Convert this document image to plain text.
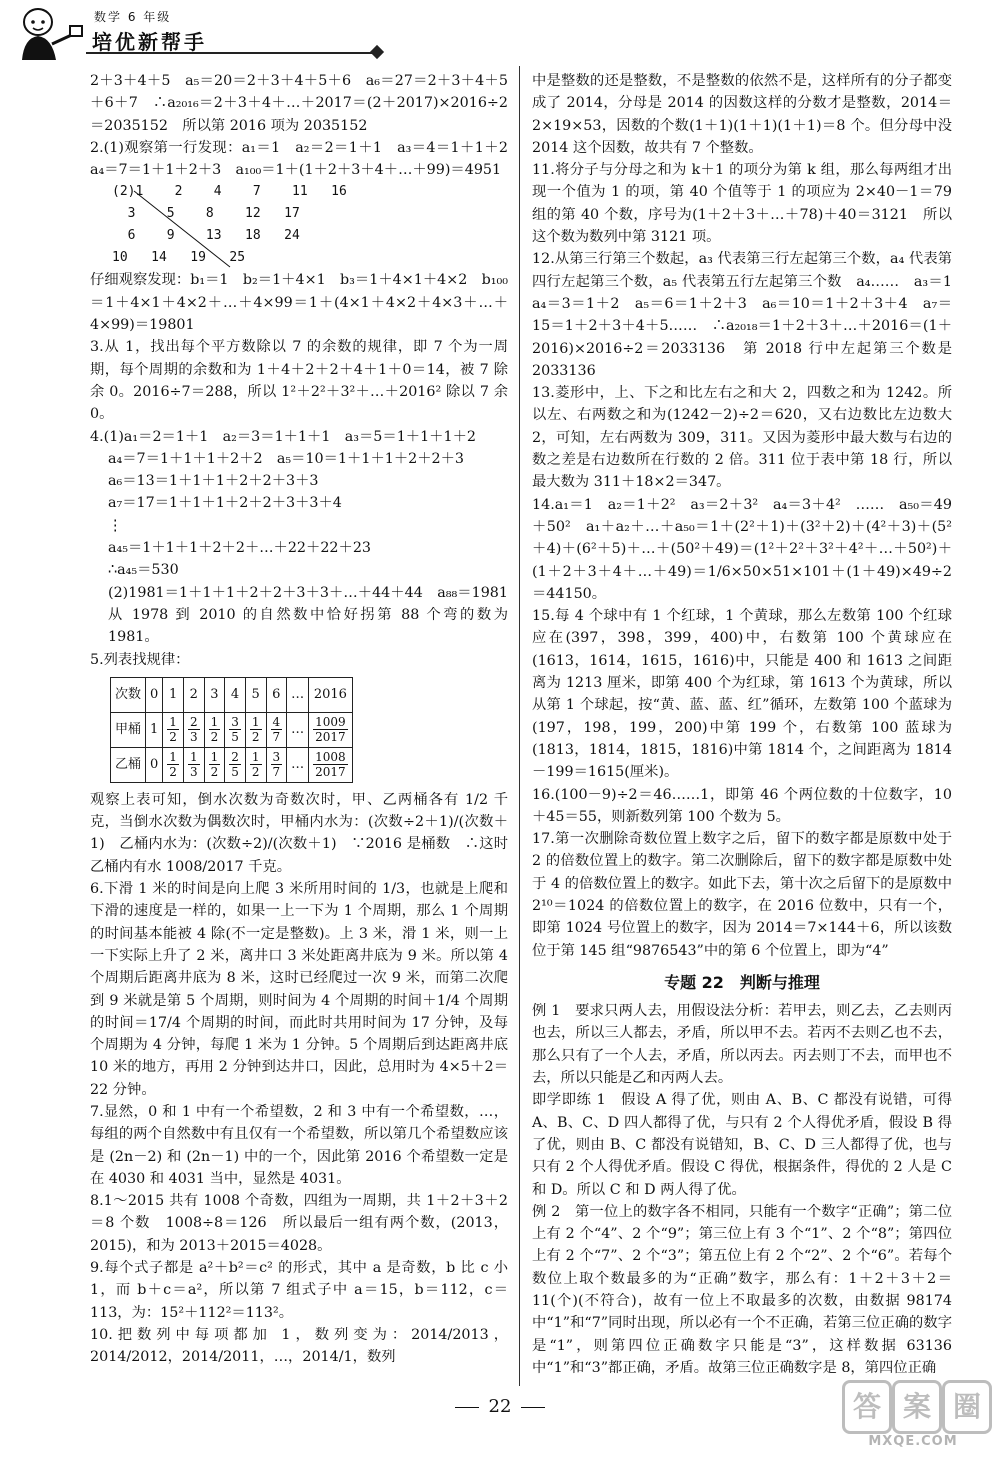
数学 6 年级
培优新帮手

2＋3＋4＋5　a₅＝20＝2＋3＋4＋5＋6　a₆＝27＝2＋3＋4＋5＋6＋7　∴a₂₀₁₆＝2＋3＋4＋…＋2017＝(2＋2017)×2016÷2＝2035152　所以第 2016 项为 2035152

2.(1)观察第一行发现：a₁＝1　a₂＝2＝1＋1　a₃＝4＝1＋1＋2　a₄＝7＝1＋1＋2＋3　a₁₀₀＝1＋(1＋2＋3＋4＋…＋99)＝4951

(2)1    2    4    7    11   16

3    5    8    12   17

6    9    13   18   24

10   14   19   25

仔细观察发现：b₁＝1　b₂＝1＋4×1　b₃＝1＋4×1＋4×2　b₁₀₀＝1＋4×1＋4×2＋…＋4×99＝1＋(4×1＋4×2＋4×3＋…＋4×99)＝19801

3.从 1，找出每个平方数除以 7 的余数的规律，即 7 个为一周期，每个周期的余数和为 1＋4＋2＋2＋4＋1＋0＝14，被 7 除余 0。2016÷7＝288，所以 1²＋2²＋3²＋…＋2016² 除以 7 余 0。

4.(1)a₁＝2＝1＋1　a₂＝3＝1＋1＋1　a₃＝5＝1＋1＋1＋2

a₄＝7＝1＋1＋1＋2＋2　a₅＝10＝1＋1＋1＋2＋2＋3

a₆＝13＝1＋1＋1＋2＋2＋3＋3

a₇＝17＝1＋1＋1＋2＋2＋3＋3＋4

⋮

a₄₅＝1＋1＋1＋2＋2＋…＋22＋22＋23

∴a₄₅＝530

(2)1981＝1＋1＋1＋2＋2＋3＋3＋…＋44＋44　a₈₈＝1981　从 1978 到 2010 的自然数中恰好拐第 88 个弯的数为 1981。

5.列表找规律：

次数	0	1	2	3	4	5	6	…	2016
甲桶	1	$\frac{1}{2}$	$\frac{2}{3}$	$\frac{1}{2}$	$\frac{3}{5}$	$\frac{1}{2}$	$\frac{4}{7}$	…	$\frac{1009}{2017}$

乙桶	0	$\frac{1}{2}$	$\frac{1}{3}$	$\frac{1}{2}$	$\frac{2}{5}$	$\frac{1}{2}$	$\frac{3}{7}$	…	$\frac{1008}{2017}$

观察上表可知，倒水次数为奇数次时，甲、乙两桶各有 1/2 千克，当倒水次数为偶数次时，甲桶内水为：(次数÷2＋1)/(次数＋1)　乙桶内水为：(次数÷2)/(次数＋1)　∵2016 是桶数　∴这时乙桶内有水 1008/2017 千克。

6.下滑 1 米的时间是向上爬 3 米所用时间的 1/3，也就是上爬和下滑的速度是一样的，如果一上一下为 1 个周期，那么 1 个周期的时间基本能被 4 除(不一定是整数)。上 3 米，滑 1 米，则一上一下实际上升了 2 米，离井口 3 米处距离井底为 9 米。所以第 4 个周期后距离井底为 8 米，这时已经爬过一次 9 米，而第二次爬到 9 米就是第 5 个周期，则时间为 4 个周期的时间＋1/4 个周期的时间＝17/4 个周期的时间，而此时共用时间为 17 分钟，及每个周期为 4 分钟，每爬 1 米为 1 分钟。5 个周期后到达距离井底 10 米的地方，再用 2 分钟到达井口，因此，总用时为 4×5＋2＝22 分钟。

7.显然，0 和 1 中有一个希望数，2 和 3 中有一个希望数，…，每组的两个自然数中有且仅有一个希望数，所以第几个希望数应该是 (2n－2) 和 (2n－1) 中的一个，因此第 2016 个希望数一定是在 4030 和 4031 当中，显然是 4031。

8.1～2015 共有 1008 个奇数，四组为一周期，共 1＋2＋3＋2＝8 个数　1008÷8＝126　所以最后一组有两个数，(2013，2015)，和为 2013＋2015＝4028。

9.每个式子都是 a²＋b²＝c² 的形式，其中 a 是奇数，b 比 c 小 1，而 b＋c＝a²，所以第 7 组式子中 a＝15，b＝112，c＝113，为：15²＋112²＝113²。

10.把数列中每项都加 1，数列变为：2014/2013，2014/2012，2014/2011，…，2014/1，数列

中是整数的还是整数，不是整数的依然不是，这样所有的分子都变成了 2014，分母是 2014 的因数这样的分数才是整数，2014＝2×19×53，因数的个数(1＋1)(1＋1)(1＋1)＝8 个。但分母中没 2014 这个因数，故共有 7 个整数。

11.将分子与分母之和为 k＋1 的项分为第 k 组，那么每两组才出现一个值为 1 的项，第 40 个值等于 1 的项应为 2×40－1＝79 组的第 40 个数，序号为(1＋2＋3＋…＋78)＋40＝3121　所以这个数为数列中第 3121 项。

12.从第三行第三个数起，a₃ 代表第三行左起第三个数，a₄ 代表第四行左起第三个数，a₅ 代表第五行左起第三个数　a₄……　a₃＝1　a₄＝3＝1＋2　a₅＝6＝1＋2＋3　a₆＝10＝1＋2＋3＋4　a₇＝15＝1＋2＋3＋4＋5……　∴a₂₀₁₈＝1＋2＋3＋…＋2016＝(1＋2016)×2016÷2＝2033136　第 2018 行中左起第三个数是 2033136

13.菱形中，上、下之和比左右之和大 2，四数之和为 1242。所以左、右两数之和为(1242－2)÷2＝620，又右边数比左边数大 2，可知，左右两数为 309，311。又因为菱形中最大数与右边的数之差是右边数所在行数的 2 倍。311 位于表中第 18 行，所以最大数为 311＋18×2＝347。

14.a₁＝1　a₂＝1＋2²　a₃＝2＋3²　a₄＝3＋4²　……　a₅₀＝49＋50²　a₁＋a₂＋…＋a₅₀＝1＋(2²＋1)＋(3²＋2)＋(4²＋3)＋(5²＋4)＋(6²＋5)＋…＋(50²＋49)＝(1²＋2²＋3²＋4²＋…＋50²)＋(1＋2＋3＋4＋…＋49)＝1/6×50×51×101＋(1＋49)×49÷2＝44150。

15.每 4 个球中有 1 个红球，1 个黄球，那么左数第 100 个红球应在(397，398，399，400)中，右数第 100 个黄球应在(1613，1614，1615，1616)中，只能是 400 和 1613 之间距离为 1213 厘米，即第 400 个为红球，第 1613 个为黄球，所以从第 1 个球起，按“黄、蓝、蓝、红”循环，左数第 100 个蓝球为(197，198，199，200)中第 199 个，右数第 100 蓝球为(1813，1814，1815，1816)中第 1814 个，之间距离为 1814－199＝1615(厘米)。

16.(100－9)÷2＝46……1，即第 46 个两位数的十位数字，10＋45＝55，则新数列第 100 个数为 5。

17.第一次删除奇数位置上数字之后，留下的数字都是原数中处于 2 的倍数位置上的数字。第二次删除后，留下的数字都是原数中处于 4 的倍数位置上的数字。如此下去，第十次之后留下的是原数中 2¹⁰＝1024 的倍数位置上的数字，在 2016 位数中，只有一个，即第 1024 号位置上的数字，因为 2014＝7×144＋6，所以该数位于第 145 组“9876543”中的第 6 个位置上，即为“4”

专题 22　判断与推理

例 1　要求只两人去，用假设法分析：若甲去，则乙去，乙去则丙也去，所以三人都去，矛盾，所以甲不去。若丙不去则乙也不去，那么只有了一个人去，矛盾，所以丙去。丙去则丁不去，而甲也不去，所以只能是乙和丙两人去。

即学即练 1　假设 A 得了优，则由 A、B、C 都没有说错，可得 A、B、C、D 四人都得了优，与只有 2 个人得优矛盾，假设 B 得了优，则由 B、C 都没有说错知，B、C、D 三人都得了优，也与只有 2 个人得优矛盾。假设 C 得优，根据条件，得优的 2 人是 C 和 D。所以 C 和 D 两人得了优。

例 2　第一位上的数字各不相同，只能有一个数字“正确”；第二位上有 2 个“4”、2 个“9”；第三位上有 3 个“1”、2 个“8”；第四位上有 2 个“7”、2 个“3”；第五位上有 2 个“2”、2 个“6”。若每个数位上取个数最多的为“正确”数字，那么有：1＋2＋3＋2＝11(个)(不符合)，故有一位上不取最多的次数，由数据 98174 中“1”和“7”同时出现，所以必有一个不正确，若第三位正确的数字是“1”，则第四位正确数字只能是“3”，这样数据 63136 中“1”和“3”都正确，矛盾。故第三位正确数字是 8，第四位正确

22	答 案 圈
MXQE.COM
